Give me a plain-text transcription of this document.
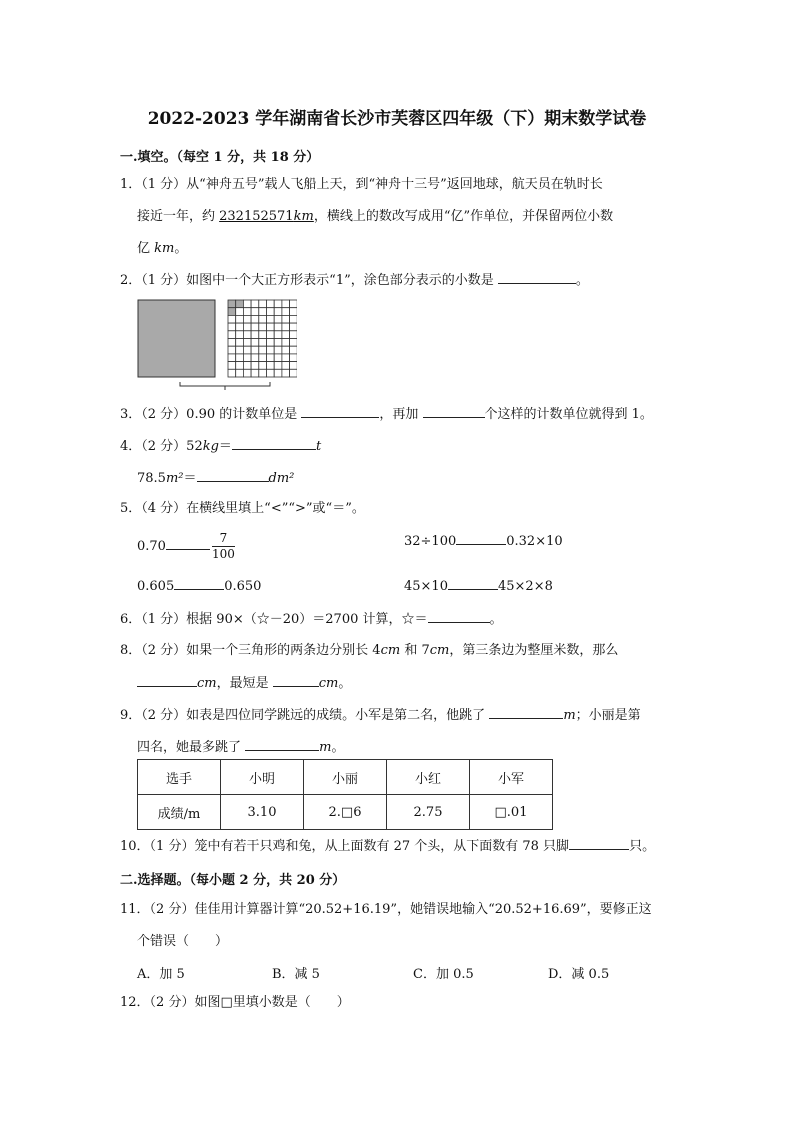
2022-2023 学年湖南省长沙市芙蓉区四年级（下）期末数学试卷
一.填空。（每空 1 分，共 18 分）
1．（1 分）从“神舟五号”载人飞船上天，到“神舟十三号”返回地球，航天员在轨时长
接近一年，约 232152571km，横线上的数改写成用“亿”作单位，并保留两位小数
亿 km。
2．（1 分）如图中一个大正方形表示“1”，涂色部分表示的小数是	。
3．（2 分）0.90 的计数单位是	，再加	个这样的计数单位就得到 1。
4．（2 分）52kg＝	t
78.5m²＝	dm²
5．（4 分）在横线里填上“<”“>”或“＝”。
0.70	$\frac{7}{100}$	32÷100	0.32×10
0.605	0.650	45×10	45×2×8
6．（1 分）根据 90×（☆－20）＝2700 计算，☆＝	。
8．（2 分）如果一个三角形的两条边分别长 4cm 和 7cm，第三条边为整厘米数，那么
cm，最短是	cm。
9．（2 分）如表是四位同学跳远的成绩。小军是第二名，他跳了	m；小丽是第
四名，她最多跳了	m。
选手	小明	小丽	小红	小军
成绩/m	3.10	2.□6	2.75	□.01
10．（1 分）笼中有若干只鸡和兔，从上面数有 27 个头，从下面数有 78 只脚	只。
二.选择题。（每小题 2 分，共 20 分）
11．（2 分）佳佳用计算器计算“20.52+16.19”，她错误地输入“20.52+16.69”，要修正这
个错误（　　）
A．加 5	B．减 5	C．加 0.5	D．减 0.5
12．（2 分）如图□里填小数是（　　）
